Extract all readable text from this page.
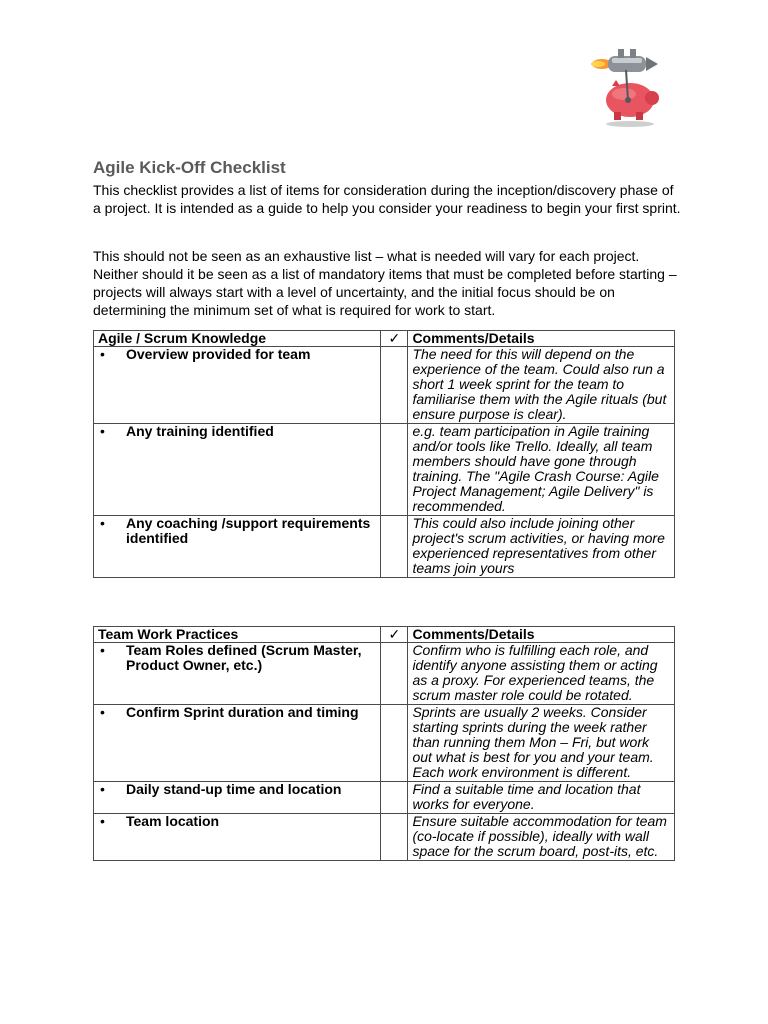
Agile Kick-Off Checklist

This checklist provides a list of items for consideration during the inception/discovery phase of a project. It is intended as a guide to help you consider your readiness to begin your first sprint.

This should not be seen as an exhaustive list – what is needed will vary for each project. Neither should it be seen as a list of mandatory items that must be completed before starting – projects will always start with a level of uncertainty, and the initial focus should be on determining the minimum set of what is required for work to start.

Agile / Scrum Knowledge	✓	Comments/Details

• Overview provided for team		The need for this will depend on the experience of the team. Could also run a short 1 week sprint for the team to familiarise them with the Agile rituals (but ensure purpose is clear).

• Any training identified		e.g. team participation in Agile training and/or tools like Trello. Ideally, all team members should have gone through training. The "Agile Crash Course: Agile Project Management; Agile Delivery" is recommended.

• Any coaching /support requirements identified		This could also include joining other project's scrum activities, or having more experienced representatives from other teams join yours
Team Work Practices	✓	Comments/Details

• Team Roles defined (Scrum Master, Product Owner, etc.)		Confirm who is fulfilling each role, and identify anyone assisting them or acting as a proxy. For experienced teams, the scrum master role could be rotated.

• Confirm Sprint duration and timing		Sprints are usually 2 weeks. Consider starting sprints during the week rather than running them Mon – Fri, but work out what is best for you and your team. Each work environment is different.

• Daily stand-up time and location		Find a suitable time and location that works for everyone.

• Team location		Ensure suitable accommodation for team (co-locate if possible), ideally with wall space for the scrum board, post-its, etc.
